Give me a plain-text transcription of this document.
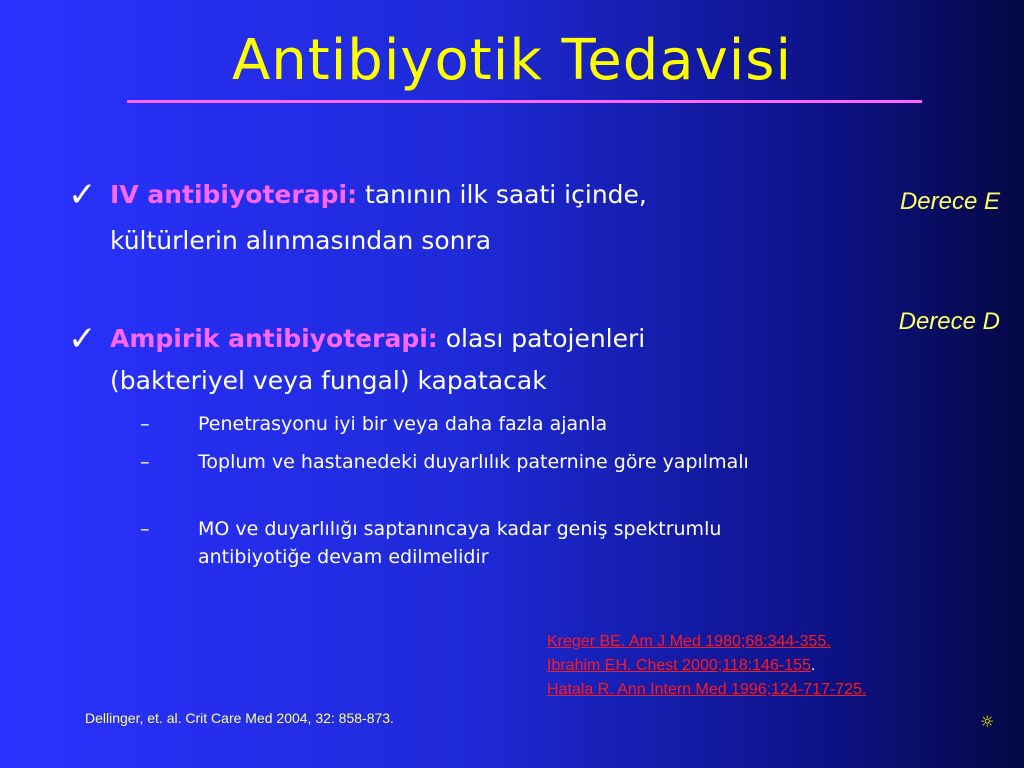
Antibiyotik Tedavisi
✓ IV antibiyoterapi: tanının ilk saati içinde,
kültürlerin alınmasından sonra
✓ Ampirik antibiyoterapi: olası patojenleri
(bakteriyel veya fungal) kapatacak
–	Penetrasyonu iyi bir veya daha fazla ajanla
–	Toplum ve hastanedeki duyarlılık paternine göre yapılmalı
–	MO ve duyarlılığı saptanıncaya kadar geniş spektrumlu antibiyotiğe devam edilmelidir
Derece E
Derece D
Kreger BE. Am J Med 1980;68:344-355.
Ibrahim EH. Chest 2000;118:146-155.
Hatala R. Ann Intern Med 1996;124-717-725.
Dellinger, et. al. Crit Care Med 2004, 32: 858-873.	☼
